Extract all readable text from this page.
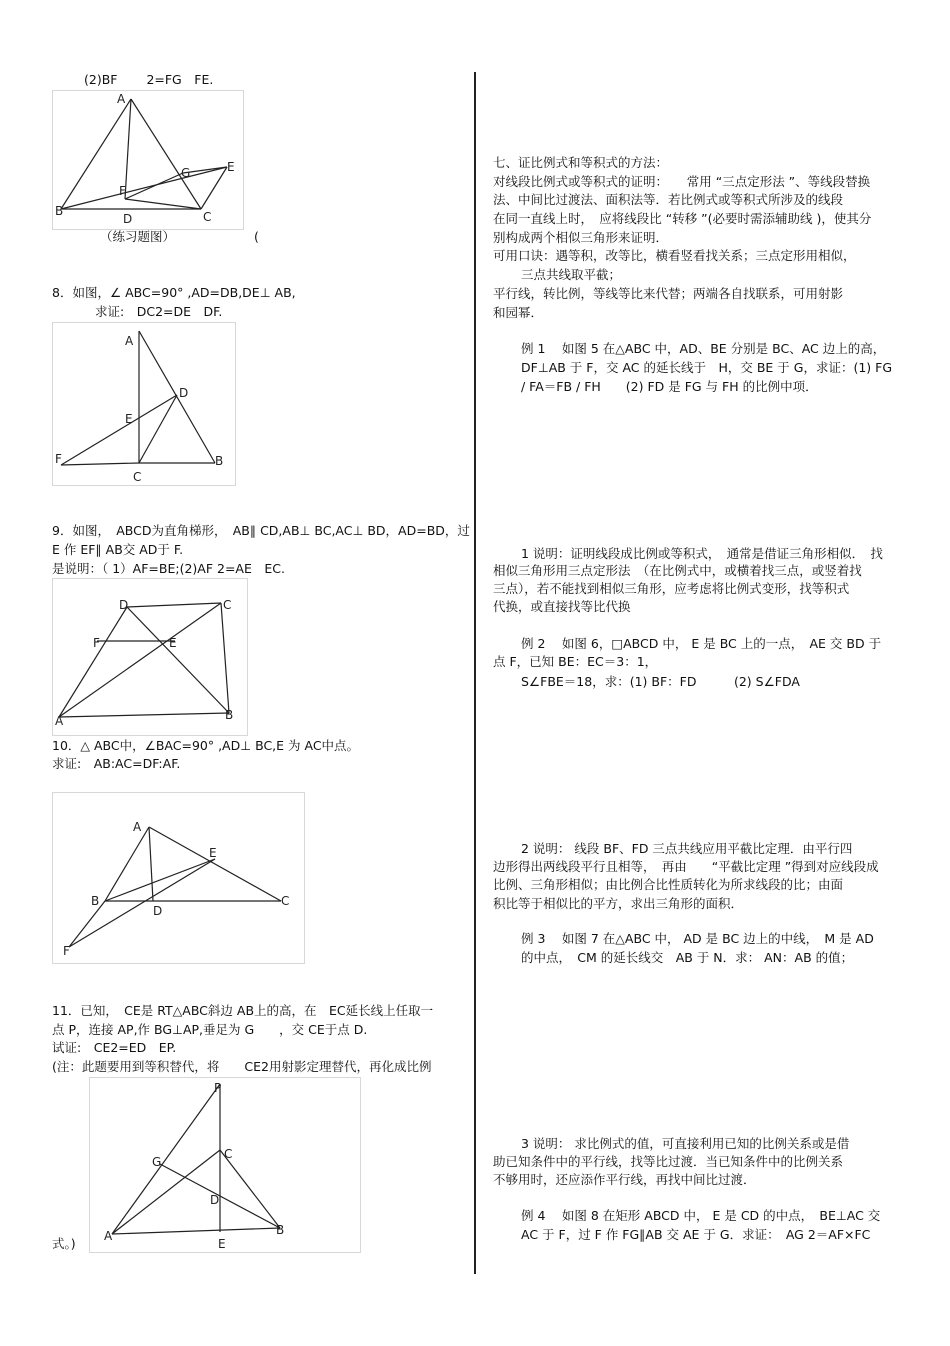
(2)BF　　 2=FG　FE.
A
E
G
F
B
D	C
（练习题图）	(
8．如图，∠ ABC=90° ,AD=DB,DE⊥ AB,
求证:　DC2=DE　DF.
A
D
E
F
C
B
9．如图，　ABCD为直角梯形，　AB∥ CD,AB⊥ BC,AC⊥ BD，AD=BD，过
E 作 EF∥ AB交 AD于 F.
是说明：（ 1）AF=BE;(2)AF 2=AE　EC.
D	C
F	E
A	B
10．△ ABC中，∠BAC=90° ,AD⊥ BC,E 为 AC中点。
求证:　AB:AC=DF:AF.
A
E
B
D
C
F
11．已知，　CE是 RT△ABC斜边 AB上的高，在　EC延长线上任取一
点 P，连接 AP,作 BG⊥AP,垂足为 G　　，交 CE于点 D.
试证:　CE2=ED　EP.
(注：此题要用到等积替代，将　　CE2用射影定理替代，再化成比例
P
G
C
D
A
E
B
式。)
七、证比例式和等积式的方法：
对线段比例式或等积式的证明：　　常用 “三点定形法 ”、等线段替换
法、中间比过渡法、面积法等．若比例式或等积式所涉及的线段
在同一直线上时，　应将线段比 “转移 ”(必要时需添辅助线 )，使其分
别构成两个相似三角形来证明．
可用口诀：遇等积，改等比，横看竖看找关系；三点定形用相似，
三点共线取平截；
平行线，转比例，等线等比来代替；两端各自找联系，可用射影
和园幂．
例 1　 如图 5 在△ABC 中，AD、BE 分别是 BC、AC 边上的高，
DF⊥AB 于 F，交 AC 的延长线于　H，交 BE 于 G，求证：(1) FG
/ FA＝FB / FH　　(2) FD 是 FG 与 FH 的比例中项．
1 说明：证明线段成比例或等积式，　通常是借证三角形相似．　找
相似三角形用三点定形法　（在比例式中，或横着找三点，或竖着找
三点），若不能找到相似三角形，应考虑将比例式变形，找等积式
代换，或直接找等比代换
例 2　 如图 6，□ABCD 中， E 是 BC 上的一点，　AE 交 BD 于
点 F，已知 BE：EC＝3：1，
S∠FBE＝18，求：(1) BF：FD　　　(2) S∠FDA
2 说明： 线段 BF、FD 三点共线应用平截比定理．由平行四
边形得出两线段平行且相等，　再由　　“平截比定理 ”得到对应线段成
比例、三角形相似；由比例合比性质转化为所求线段的比；由面
积比等于相似比的平方，求出三角形的面积．
例 3　 如图 7 在△ABC 中， AD 是 BC 边上的中线，　M 是 AD
的中点，　CM 的延长线交　AB 于 N．求： AN：AB 的值；
3 说明： 求比例式的值，可直接利用已知的比例关系或是借
助已知条件中的平行线，找等比过渡．当已知条件中的比例关系
不够用时，还应添作平行线，再找中间比过渡．
例 4　 如图 8 在矩形 ABCD 中， E 是 CD 的中点，　BE⊥AC 交
AC 于 F，过 F 作 FG∥AB 交 AE 于 G．求证：　AG 2＝AF×FC
